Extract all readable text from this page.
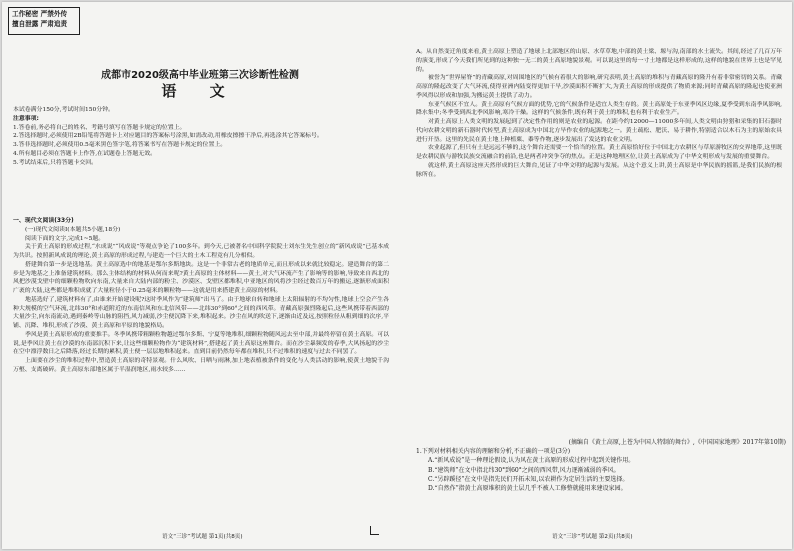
工作秘密 严禁外传
擅自泄露 严肃追责
成都市2020级高中毕业班第三次诊断性检测
语 文

本试卷满分150分,考试时间150分钟。

注意事项:

1.答卷前,务必将自己的姓名、考籍号填写在答题卡规定的位置上。

2.答选择题时,必须使用2B铅笔将答题卡上对应题目的答案标号涂黑,如需改动,用橡皮擦擦干净后,再选涂其它答案标号。

3.答非选择题时,必须使用0.5毫米黑色签字笔,将答案书写在答题卡规定的位置上。

4.所有题目必须在答题卡上作答,在试题卷上答题无效。

5.考试结束后,只将答题卡交回。

一、现代文阅读(33分)

(一)现代文阅读Ⅰ(本题共5小题,18分)

阅读下面的文字,完成1~5题。

关于黄土高原的形成过程,“水成说”“风成说”等观点争论了100多年。到今天,已被著名中国科学院院士刘东生先生创立的“新风成说”已基本成为共识。按照新风成说的理论,黄土高原的形成过程,与建造一个巨大的土木工程竟有几分相似。

搭建舞台第一步是选地基。黄土高原选中的地基是鄂尔多斯地块。这是一个非常古老的地质单元,而且形成以来就比较稳定。建造舞台的第二步是为地基之上准备建筑材料。那么主体结构的材料从何而来呢?黄土高原的主体材料——黄土,对大气环流产生了影响等的影响,导致来自西北的风把沙漠戈壁中的细颗粒物吹向东南,大量来自大陆内部的粉尘、沙漠区、戈壁区都堆积,中亚地区的风将沙尘经过数百万年的搬运,逐渐形成面积广袤的大陆,这些都是堆积成就了大量粒径小于0.25毫米的颗粒物——这就是用来搭建黄土高原的材料。

地基选好了,建筑材料有了,由谁来开始建设呢?这时季风作为“建筑师”出马了。由于地球自转和地球上太阳辐射的不均匀性,地球上空会产生各种大规模的空气环流,北纬30°和赤道附近的东南信风和东北信风带——北纬30°到60°之间的西风带。青藏高原强烈隆起后,这些风携带着西部的大量沙尘,向东南流动,遇到秦岭等山脉的阻挡,风力减弱,沙尘便沉降下来,堆积起来。沙尘在风的吹送下,逐渐由近及远,按照粒径从粗到细的次序,平铺、沉降、堆积,形成了沙漠、黄土高原和平原的地貌格局。

季风是黄土高原形成的重要推手。冬季风携带粗颗粒物越过鄂尔多斯、宁夏等地堆积,细颗粒物随风远去至中部,并最终停留在黄土高原。可以说,是季风让黄土在沙漠的东南部沉积下来,让这些细颗粒物作为“建筑材料”,搭建起了黄土高原这座舞台。而在沙尘暴频发的春季,大风扬起的沙尘在空中漂浮数日之后降落,经过长期的累积,黄土便一层层地堆积起来。直到目前仍然每年都在堆积,只不过堆积的速度与过去不同罢了。

上面要在沙尘的堆积过程中,塑造黄土高原的奇特景观。什么风吹、日晒与雨淋,加上地表植被条件的变化与人类活动的影响,使黄土地貌千沟万壑、支离破碎。黄土高原东部地区属于半湿润地区,雨水较多……

语文“三诊”考试题 第1页(共8页)

A。从自然变迁角度来看,黄土高原上塑造了地球上北部地区的山原、水草草地,中部的黄土梁、塬与沟,南部的水土流失。其间,经过了几百万年的演变,形成了今天我们所见到的这种独一无二的黄土高原地貌景观。可以说这里的每一寸土地都是这样形成的,这样的地貌在世界上也是罕见的。

被誉为“世界屋脊”的青藏高原,对周围地区的气候有着很大的影响,研究表明,黄土高原的堆积与青藏高原的隆升有着非常密切的关系。青藏高原的隆起改变了大气环流,使得亚洲内陆变得更加干旱,沙漠面积不断扩大,为黄土高原的形成提供了物质来源;同时青藏高原的隆起也使亚洲季风得以形成和加强,为搬运黄土提供了动力。

东亚气候区不宜人。黄土高原有气候方面的优势,它的气候条件是适宜人类生存的。黄土高原处于东亚季风区边缘,夏季受到东南季风影响,降水集中;冬季受到西北季风影响,寒冷干燥。这样的气候条件,既有利于黄土的堆积,也有利于农业生产。

对黄土高原上人类文明的发展起到了决定性作用的则是农业的起源。在距今约12000—11000多年间,人类文明由狩猎和采集的旧石器时代向农耕文明的新石器时代转型,黄土高原成为中国北方旱作农业的起源地之一。黄土疏松、肥沃、易于耕作,特别适合以木石为主的原始农具进行开垦。这里的先民在黄土地上种植粟、黍等作物,逐步发展出了发达的农业文明。

农业起源了,但只有土是远远不够的,这个舞台还需要一个恰当的位置。黄土高原恰好位于中国北方农耕区与草原游牧区的交界地带,这里既是农耕民族与游牧民族交流融合的前沿,也是两者冲突争夺的焦点。正是这种地理区位,让黄土高原成为了中华文明形成与发展的重要舞台。

就这样,黄土高原这座天然形成的巨大舞台,见证了中华文明的起源与发展。从这个意义上讲,黄土高原是中华民族的摇篮,是我们民族的根脉所在。

(摘编自《黄土高原,上苍为中国人特制的舞台》,《中国国家地理》2017年第10期)

1.下列对材料相关内容的理解和分析,不正确的一项是(3分)

A.“新风成说”是一种理论假设,认为风在黄土高原的形成过程中起到关键作用。

B.“建筑师”在文中指北纬30°到60°之间的西风带,风力逐渐减弱的季风。

C.“另辟蹊径”在文中是指先民们开拓未知,以农耕作为定居生活的主要选择。

D.“自然作”指黄土高原堆积的黄土层几乎不被人工修整就能用来建设家园。

语文“三诊”考试题 第2页(共8页)
